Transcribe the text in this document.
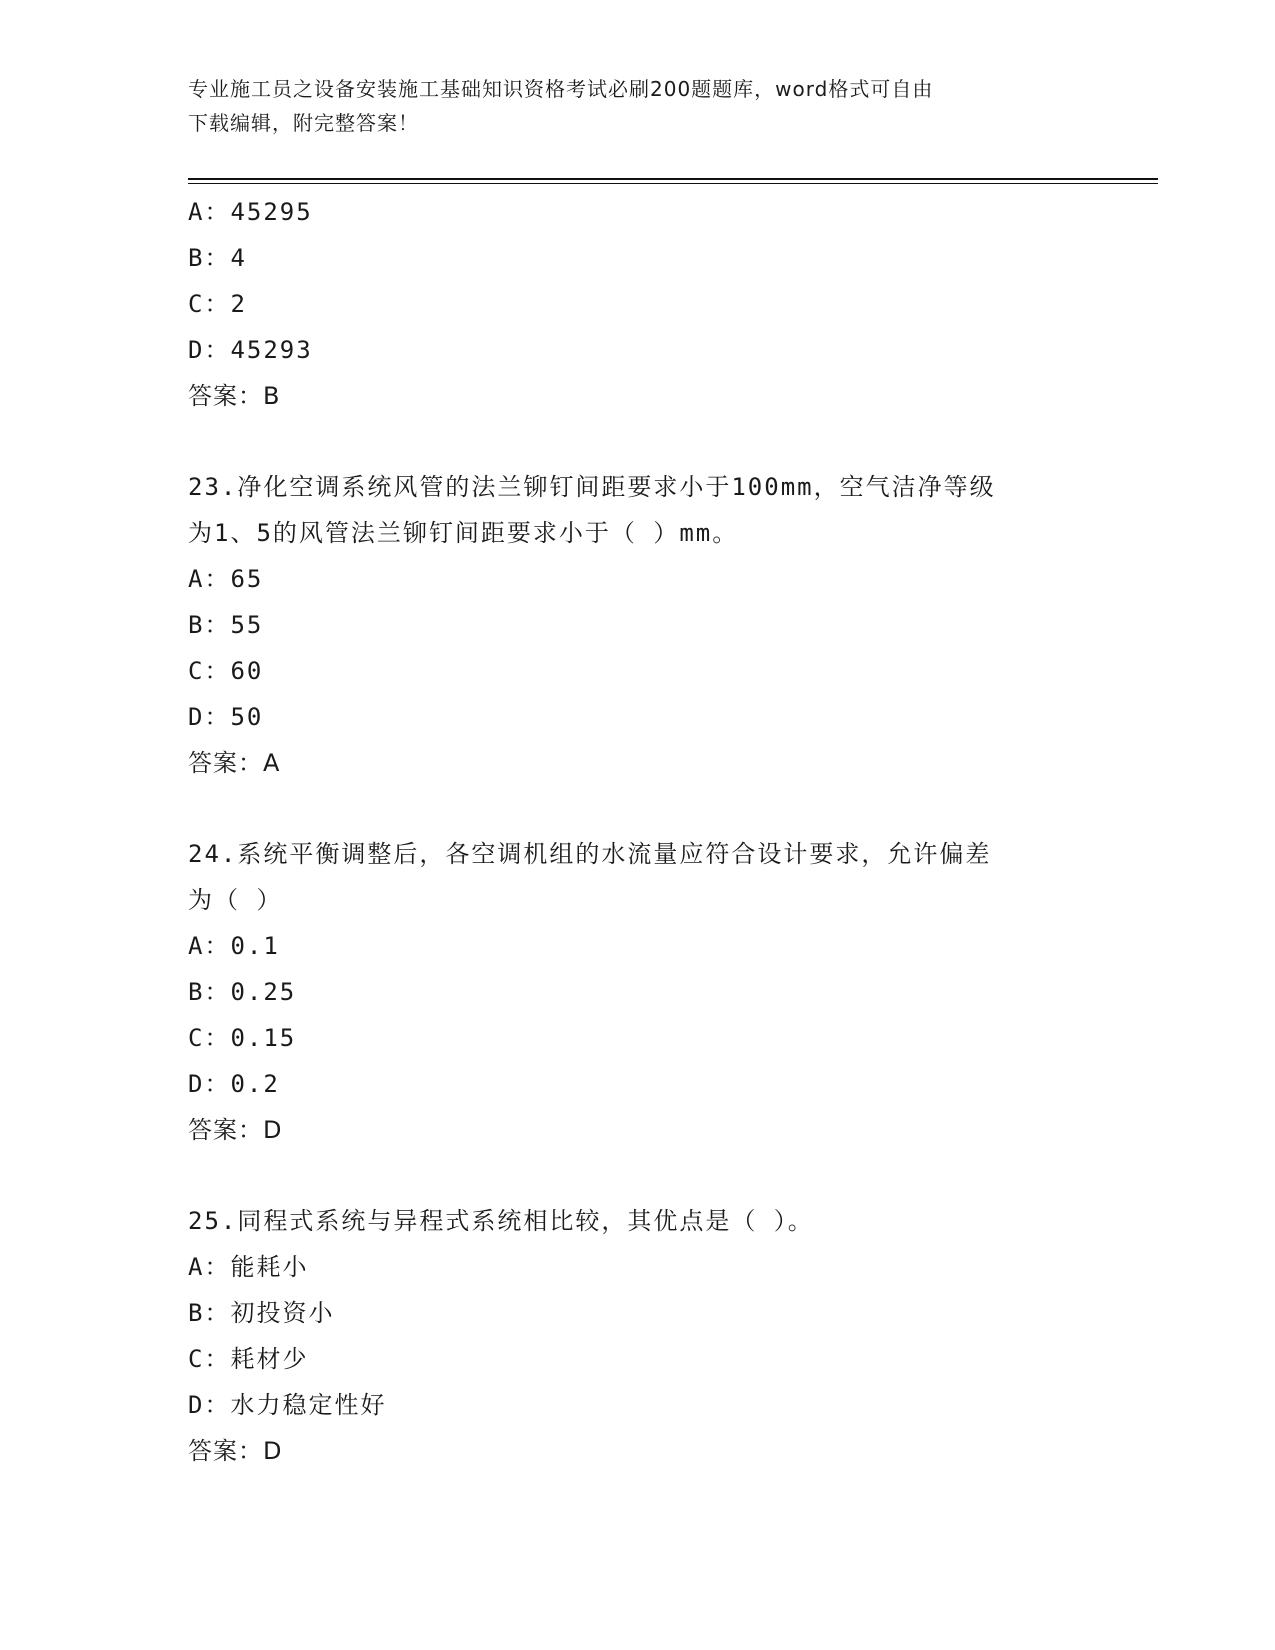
专业施工员之设备安装施工基础知识资格考试必刷200题题库，word格式可自由
下载编辑，附完整答案！
A：45295
B：4
C：2
D：45293
答案：B
23.净化空调系统风管的法兰铆钉间距要求小于100mm，空气洁净等级
为1、5的风管法兰铆钉间距要求小于（ ）mm。
A：65
B：55
C：60
D：50
答案：A
24.系统平衡调整后，各空调机组的水流量应符合设计要求，允许偏差
为（ ）
A：0.1
B：0.25
C：0.15
D：0.2
答案：D
25.同程式系统与异程式系统相比较，其优点是（ ）。
A：能耗小
B：初投资小
C：耗材少
D：水力稳定性好
答案：D
